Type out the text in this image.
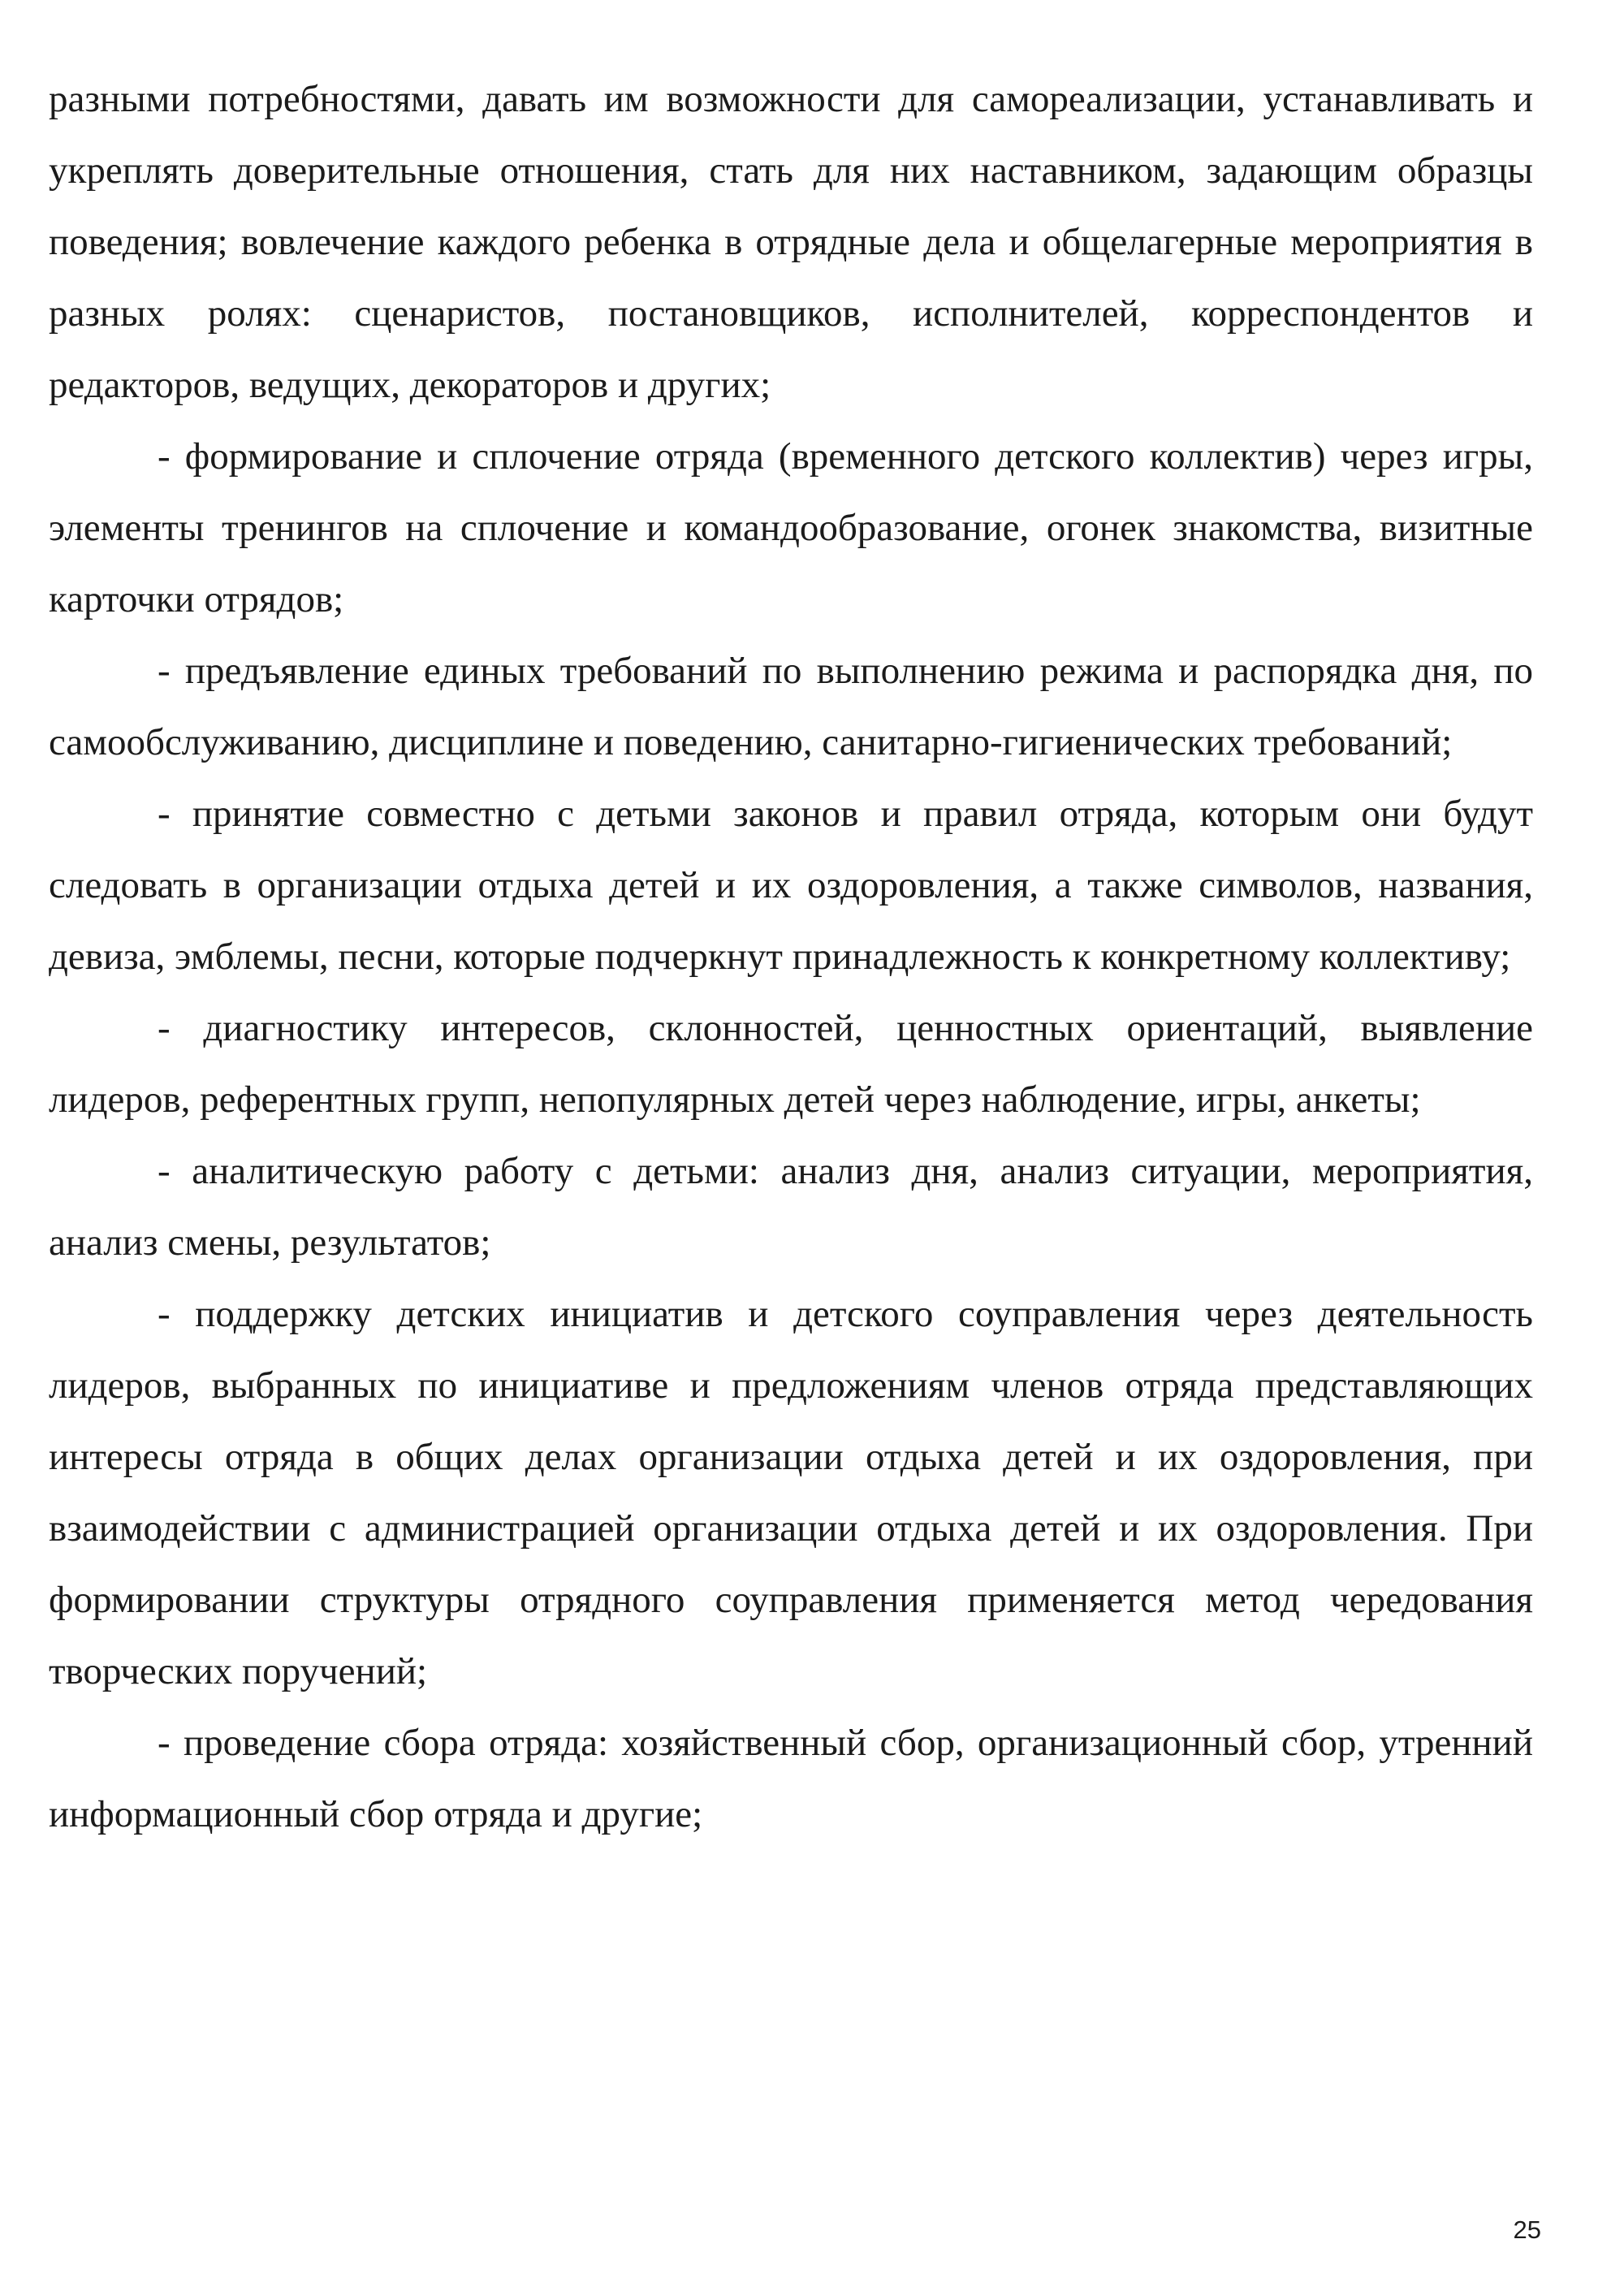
разными потребностями, давать им возможности для самореализации, устанавливать и укреплять доверительные отношения, стать для них наставником, задающим образцы поведения; вовлечение каждого ребенка в отрядные дела и общелагерные мероприятия в разных ролях: сценаристов, постановщиков, исполнителей, корреспондентов и редакторов, ведущих, декораторов и других;

- формирование и сплочение отряда (временного детского коллектив) через игры, элементы тренингов на сплочение и командообразование, огонек знакомства, визитные карточки отрядов;

- предъявление единых требований по выполнению режима и распорядка дня, по самообслуживанию, дисциплине и поведению, санитарно-гигиенических требований;

- принятие совместно с детьми законов и правил отряда, которым они будут следовать в организации отдыха детей и их оздоровления, а также символов, названия, девиза, эмблемы, песни, которые подчеркнут принадлежность к конкретному коллективу;

- диагностику интересов, склонностей, ценностных ориентаций, выявление лидеров, референтных групп, непопулярных детей через наблюдение, игры, анкеты;

- аналитическую работу с детьми: анализ дня, анализ ситуации, мероприятия, анализ смены, результатов;

- поддержку детских инициатив и детского соуправления через деятельность лидеров, выбранных по инициативе и предложениям членов отряда представляющих интересы отряда в общих делах организации отдыха детей и их оздоровления, при взаимодействии с администрацией организации отдыха детей и их оздоровления. При формировании структуры отрядного соуправления применяется метод чередования творческих поручений;

- проведение сбора отряда: хозяйственный сбор, организационный сбор, утренний информационный сбор отряда и другие;

25
